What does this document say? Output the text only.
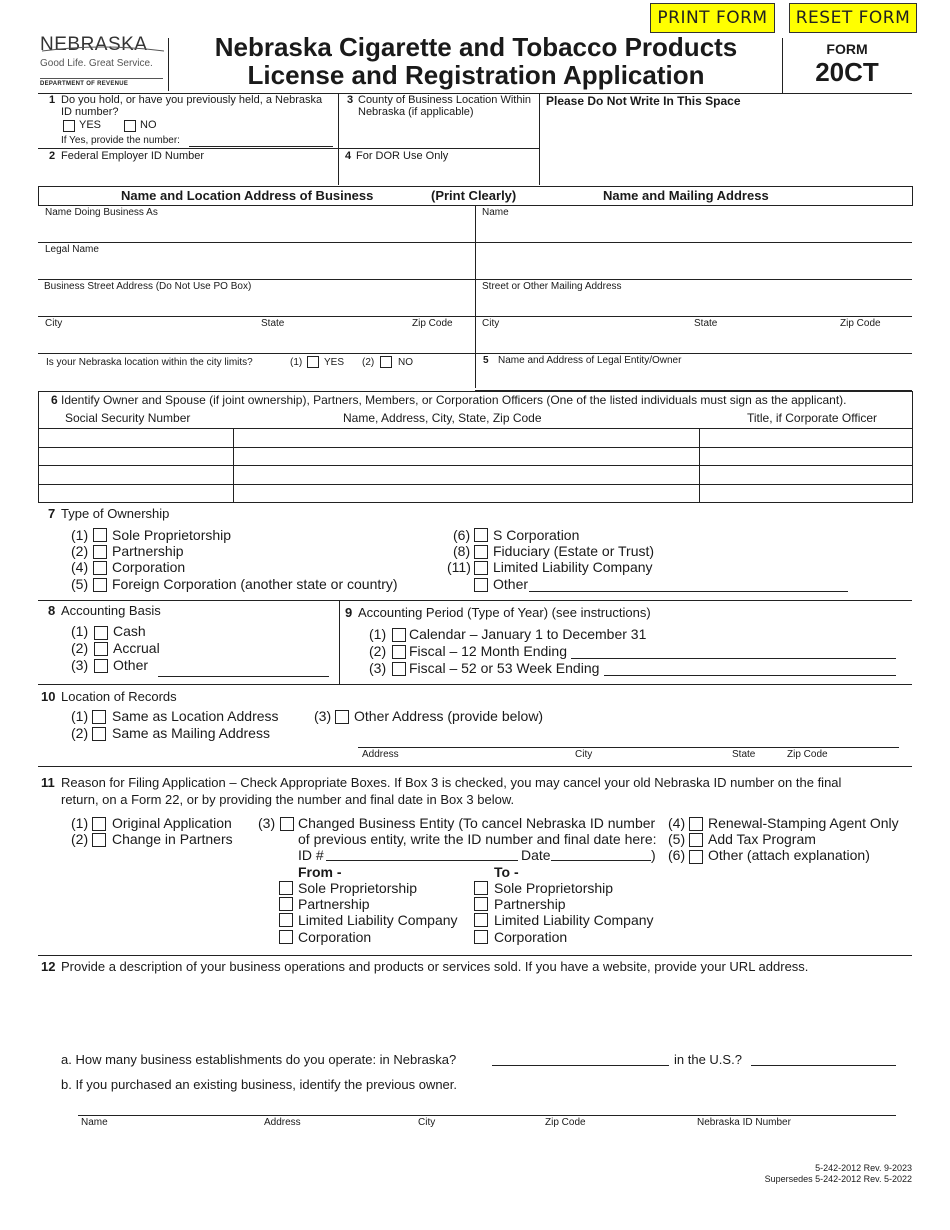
PRINT FORM	RESET FORM
NEBRASKA
Good Life. Great Service.
DEPARTMENT OF REVENUE
Nebraska Cigarette and Tobacco Products
License and Registration Application
FORM
20CT
1 Do you hold, or have you previously held, a Nebraska
ID number?
YES	NO
If Yes, provide the number:
2 Federal Employer ID Number
3 County of Business Location Within
Nebraska (if applicable)
4 For DOR Use Only
Please Do Not Write In This Space
Name and Location Address of Business	(Print Clearly)	Name and Mailing Address
Name Doing Business As
Legal Name
Business Street Address (Do Not Use PO Box)
City	State	Zip Code
Is your Nebraska location within the city limits?	(1) YES (2) NO
Name
Street or Other Mailing Address
City	State	Zip Code
5 Name and Address of Legal Entity/Owner
6 Identify Owner and Spouse (if joint ownership), Partners, Members, or Corporation Officers (One of the listed individuals must sign as the applicant).
Social Security Number	Name, Address, City, State, Zip Code	Title, if Corporate Officer
7 Type of Ownership
(1) Sole Proprietorship
(2) Partnership
(4) Corporation
(5) Foreign Corporation (another state or country)
(6) S Corporation
(8) Fiduciary (Estate or Trust)
(11) Limited Liability Company
Other
8 Accounting Basis
(1) Cash
(2) Accrual
(3) Other
9 Accounting Period (Type of Year) (see instructions)
(1) Calendar – January 1 to December 31
(2) Fiscal – 12 Month Ending
(3) Fiscal – 52 or 53 Week Ending
10 Location of Records
(1) Same as Location Address
(2) Same as Mailing Address
(3) Other Address (provide below)
Address	City	State	Zip Code
11 Reason for Filing Application – Check Appropriate Boxes. If Box 3 is checked, you may cancel your old Nebraska ID number on the final
return, on a Form 22, or by providing the number and final date in Box 3 below.
(1) Original Application
(2) Change in Partners
(3) Changed Business Entity (To cancel Nebraska ID number
of previous entity, write the ID number and final date here:
ID #	Date	)
From -	To -
Sole Proprietorship
Partnership
Limited Liability Company
Corporation
Sole Proprietorship
Partnership
Limited Liability Company
Corporation
(4) Renewal-Stamping Agent Only
(5) Add Tax Program
(6) Other (attach explanation)
12 Provide a description of your business operations and products or services sold. If you have a website, provide your URL address.
a. How many business establishments do you operate: in Nebraska?	in the U.S.?
b. If you purchased an existing business, identify the previous owner.
Name	Address	City	Zip Code	Nebraska ID Number
5-242-2012 Rev. 9-2023
Supersedes 5-242-2012 Rev. 5-2022
